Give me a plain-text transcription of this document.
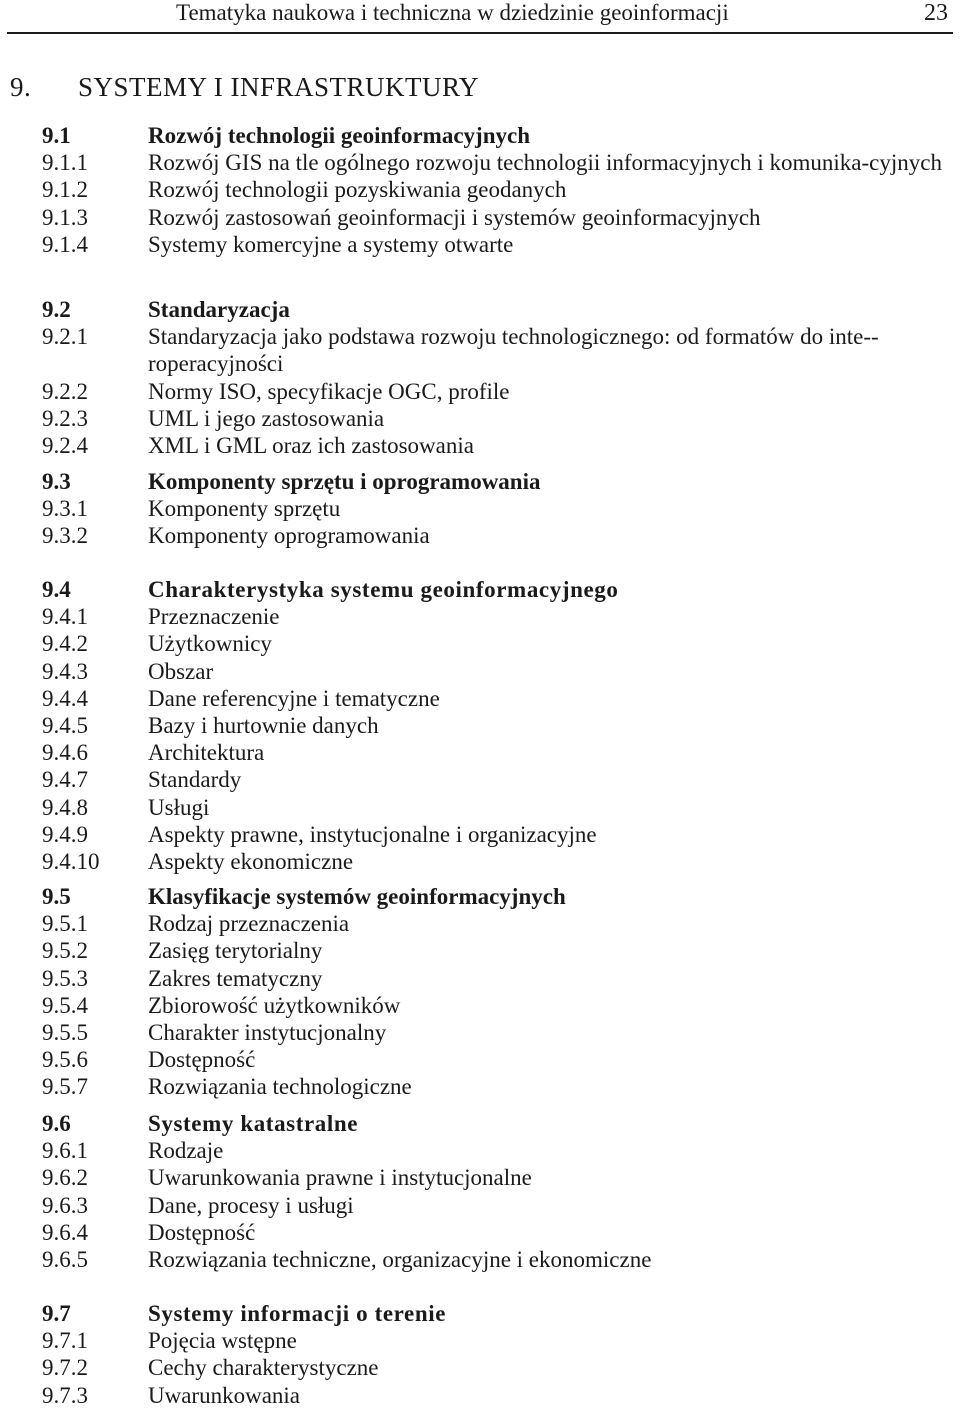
Tematyka naukowa i techniczna w dziedzinie geoinformacji	23
9. SYSTEMY I INFRASTRUKTURY
9.1	Rozwój technologii geoinformacyjnych
9.1.1	Rozwój GIS na tle ogólnego rozwoju technologii informacyjnych i komunika-cyjnych
9.1.2	Rozwój technologii pozyskiwania geodanych
9.1.3	Rozwój zastosowań geoinformacji i systemów geoinformacyjnych
9.1.4	Systemy komercyjne a systemy otwarte
9.2	Standaryzacja
9.2.1	Standaryzacja jako podstawa rozwoju technologicznego: od formatów do inte-roperacyjności
9.2.2	Normy ISO, specyfikacje OGC, profile
9.2.3	UML i jego zastosowania
9.2.4	XML i GML oraz ich zastosowania
9.3	Komponenty sprzętu i oprogramowania
9.3.1	Komponenty sprzętu
9.3.2	Komponenty oprogramowania
9.4	Charakterystyka systemu geoinformacyjnego
9.4.1	Przeznaczenie
9.4.2	Użytkownicy
9.4.3	Obszar
9.4.4	Dane referencyjne i tematyczne
9.4.5	Bazy i hurtownie danych
9.4.6	Architektura
9.4.7	Standardy
9.4.8	Usługi
9.4.9	Aspekty prawne, instytucjonalne i organizacyjne
9.4.10	Aspekty ekonomiczne
9.5	Klasyfikacje systemów geoinformacyjnych
9.5.1	Rodzaj przeznaczenia
9.5.2	Zasięg terytorialny
9.5.3	Zakres tematyczny
9.5.4	Zbiorowość użytkowników
9.5.5	Charakter instytucjonalny
9.5.6	Dostępność
9.5.7	Rozwiązania technologiczne
9.6	Systemy katastralne
9.6.1	Rodzaje
9.6.2	Uwarunkowania prawne i instytucjonalne
9.6.3	Dane, procesy i usługi
9.6.4	Dostępność
9.6.5	Rozwiązania techniczne, organizacyjne i ekonomiczne
9.7	Systemy informacji o terenie
9.7.1	Pojęcia wstępne
9.7.2	Cechy charakterystyczne
9.7.3	Uwarunkowania
